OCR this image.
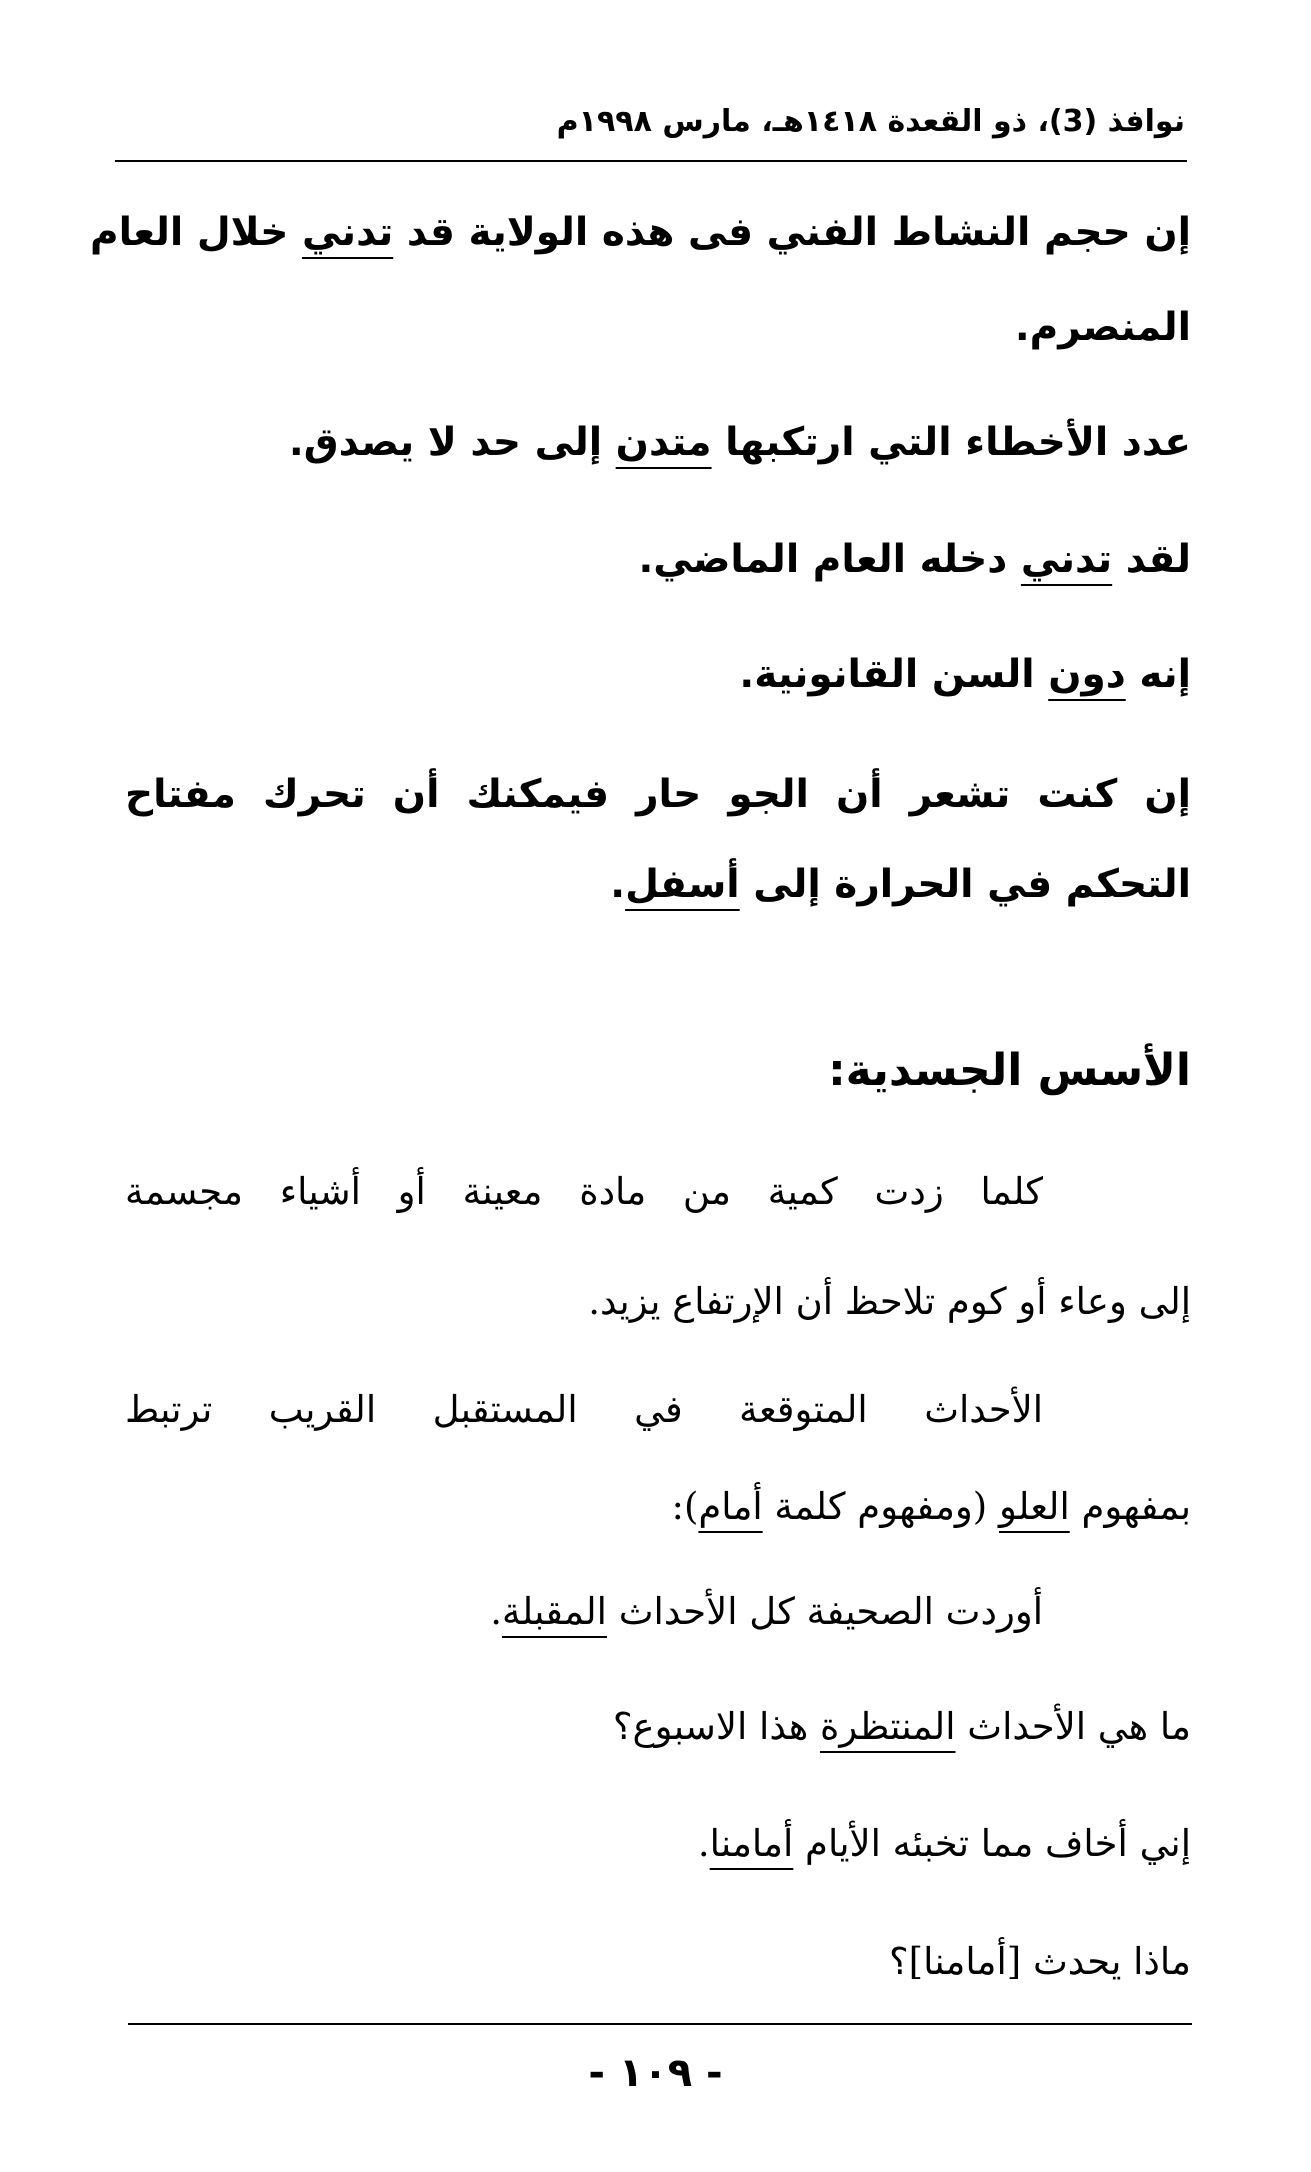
نوافذ (3)، ذو القعدة ١٤١٨هـ، مارس ١٩٩٨م
إن حجم النشاط الفني فى هذه الولاية قد تدني خلال العام
المنصرم.
عدد الأخطاء التي ارتكبها متدن إلى حد لا يصدق.
لقد تدني دخله العام الماضي.
إنه دون السن القانونية.
إن كنت تشعر أن الجو حار فيمكنك أن تحرك مفتاح
التحكم في الحرارة إلى أسفل.
الأسس الجسدية:
كلما زدت كمية من مادة معينة أو أشياء مجسمة
إلى وعاء أو كوم تلاحظ أن الإرتفاع يزيد.
الأحداث المتوقعة في المستقبل القريب ترتبط
بمفهوم العلو (ومفهوم كلمة أمام):
أوردت الصحيفة كل الأحداث المقبلة.
ما هي الأحداث المنتظرة هذا الاسبوع؟
إني أخاف مما تخبئه الأيام أمامنا.
ماذا يحدث [أمامنا]؟
- ١٠٩ -
